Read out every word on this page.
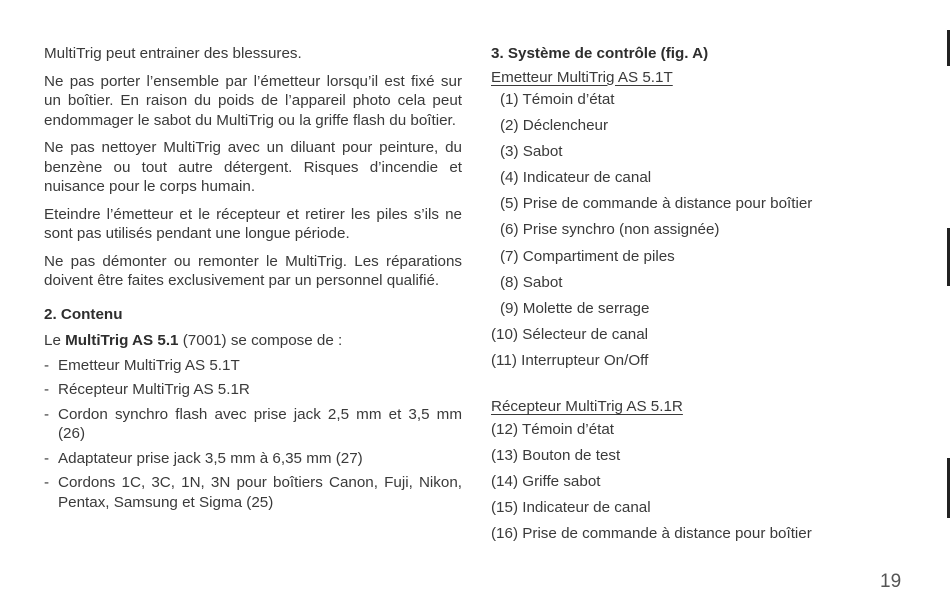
MultiTrig peut entrainer des blessures.

Ne pas porter l’ensemble par l’émetteur lorsqu’il est fixé sur un boîtier. En raison du poids de l’appareil photo cela peut endommager le sabot du MultiTrig ou la griffe flash du boîtier.

Ne pas nettoyer MultiTrig avec un diluant pour peinture, du benzène ou tout autre détergent. Risques d’incendie et nuisance pour le corps humain.

Eteindre l’émetteur et le récepteur et retirer les piles s’ils ne sont pas utilisés pendant une longue période.

Ne pas démonter ou remonter le MultiTrig. Les réparations doivent être faites exclusivement par un personnel qualifié.

2. Contenu

Le MultiTrig AS 5.1 (7001) se compose de :

- Emetteur MultiTrig AS 5.1T
- Récepteur MultiTrig AS 5.1R
- Cordon synchro flash avec prise jack 2,5 mm et 3,5 mm (26)
- Adaptateur prise jack 3,5 mm à 6,35 mm (27)
- Cordons 1C, 3C, 1N, 3N pour boîtiers Canon, Fuji, Nikon, Pentax, Samsung et Sigma (25)
3. Système de contrôle (fig. A)
Emetteur MultiTrig AS 5.1T
(1) Témoin d’état
(2) Déclencheur
(3) Sabot
(4) Indicateur de canal
(5) Prise de commande à distance pour boîtier
(6) Prise synchro (non assignée)
(7) Compartiment de piles
(8) Sabot
(9) Molette de serrage
(10) Sélecteur de canal
(11) Interrupteur On/Off
Récepteur MultiTrig AS 5.1R
(12) Témoin d’état
(13) Bouton de test
(14) Griffe sabot
(15) Indicateur de canal
(16) Prise de commande à distance pour boîtier
19
